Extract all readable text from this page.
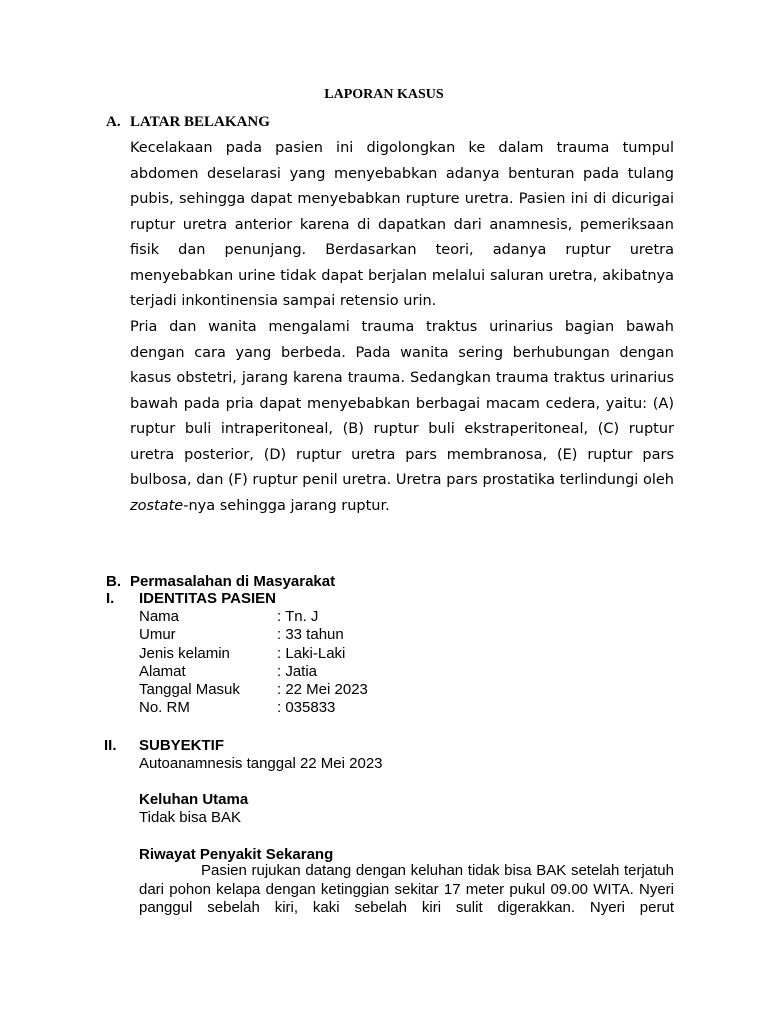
LAPORAN KASUS
A. LATAR BELAKANG

Kecelakaan pada pasien ini digolongkan ke dalam trauma tumpul abdomen deselarasi yang menyebabkan adanya benturan pada tulang pubis, sehingga dapat menyebabkan rupture uretra. Pasien ini di dicurigai ruptur uretra anterior karena di dapatkan dari anamnesis, pemeriksaan fisik dan penunjang. Berdasarkan teori, adanya ruptur uretra menyebabkan urine tidak dapat berjalan melalui saluran uretra, akibatnya terjadi inkontinensia sampai retensio urin.

Pria dan wanita mengalami trauma traktus urinarius bagian bawah dengan cara yang berbeda. Pada wanita sering berhubungan dengan kasus obstetri, jarang karena trauma. Sedangkan trauma traktus urinarius bawah pada pria dapat menyebabkan berbagai macam cedera, yaitu: (A) ruptur buli intraperitoneal, (B) ruptur buli ekstraperitoneal, (C) ruptur uretra posterior, (D) ruptur uretra pars membranosa, (E) ruptur pars bulbosa, dan (F) ruptur penil uretra. Uretra pars prostatika terlindungi oleh zostate-nya sehingga jarang ruptur.

B. Permasalahan di Masyarakat
I. IDENTITAS PASIEN
Nama	: Tn. J
Umur	: 33 tahun
Jenis kelamin	: Laki-Laki
Alamat	: Jatia
Tanggal Masuk : 22 Mei 2023
No. RM	: 035833
II. SUBYEKTIF
Autoanamnesis tanggal 22 Mei 2023
Keluhan Utama
Tidak bisa BAK
Riwayat Penyakit Sekarang

Pasien rujukan datang dengan keluhan tidak bisa BAK setelah terjatuh dari pohon kelapa dengan ketinggian sekitar 17 meter pukul 09.00 WITA. Nyeri panggul sebelah kiri, kaki sebelah kiri sulit digerakkan. Nyeri perut
